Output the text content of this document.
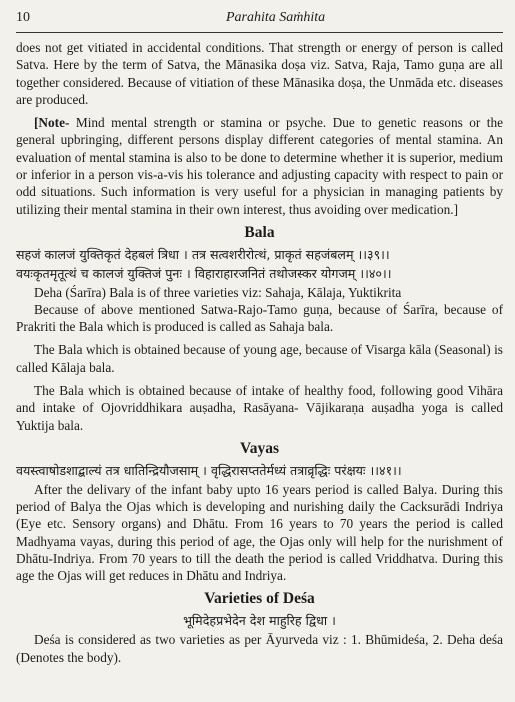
10	Parahita Saṁhita

does not get vitiated in accidental conditions. That strength or energy of person is called Satva. Here by the term of Satva, the Mānasika doṣa viz. Satva, Raja, Tamo guṇa are all together considered. Because of vitiation of these Mānasika doṣa, the Unmāda etc. diseases are produced.

[Note- Mind mental strength or stamina or psyche. Due to genetic reasons or the general upbringing, different persons display different categories of mental stamina. An evaluation of mental stamina is also to be done to determine whether it is superior, medium or inferior in a person vis-a-vis his tolerance and adjusting capacity with respect to pain or odd situations. Such information is very useful for a physician in managing patients by utilizing their mental stamina in their own interest, thus avoiding over medication.]

Bala
सहजं कालजं युक्तिकृतं देहबलं त्रिधा । तत्र सत्वशरीरोत्थं, प्राकृतं सहजंबलम् ।।३९।।
वयःकृतमृतूत्थं च कालजं युक्तिजं पुनः । विहाराहारजनितं तथोजस्कर योगजम् ।।४०।।

Deha (Śarīra) Bala is of three varieties viz: Sahaja, Kālaja, Yuktikrita

Because of above mentioned Satwa-Rajo-Tamo guṇa, because of Śarīra, because of Prakriti the Bala which is produced is called as Sahaja bala.

The Bala which is obtained because of young age, because of Visarga kāla (Seasonal) is called Kālaja bala.

The Bala which is obtained because of intake of healthy food, following good Vihāra and intake of Ojovriddhikara auṣadha, Rasāyana- Vājikaraṇa auṣadha yoga is called Yuktija bala.

Vayas
वयस्त्वाषोडशाद्बाल्यं तत्र धातिन्द्रियौजसाम् । वृद्धिरासप्ततेर्मध्यं तत्राव्रृद्धिः परंक्षयः ।।४१।।

After the delivary of the infant baby upto 16 years period is called Balya. During this period of Balya the Ojas which is developing and nurishing daily the Cacksurādi Indriya (Eye etc. Sensory organs) and Dhātu. From 16 years to 70 years the period is called Madhyama vayas, during this period of age, the Ojas only will help for the nurishment of Dhātu-Indriya. From 70 years to till the death the period is called Vriddhatva. During this age the Ojas will get reduces in Dhātu and Indriya.

Varieties of Deśa
भूमिदेहप्रभेदेन देश माहुरिह द्विधा ।

Deśa is considered as two varieties as per Āyurveda viz : 1. Bhūmideśa, 2. Deha deśa (Denotes the body).
